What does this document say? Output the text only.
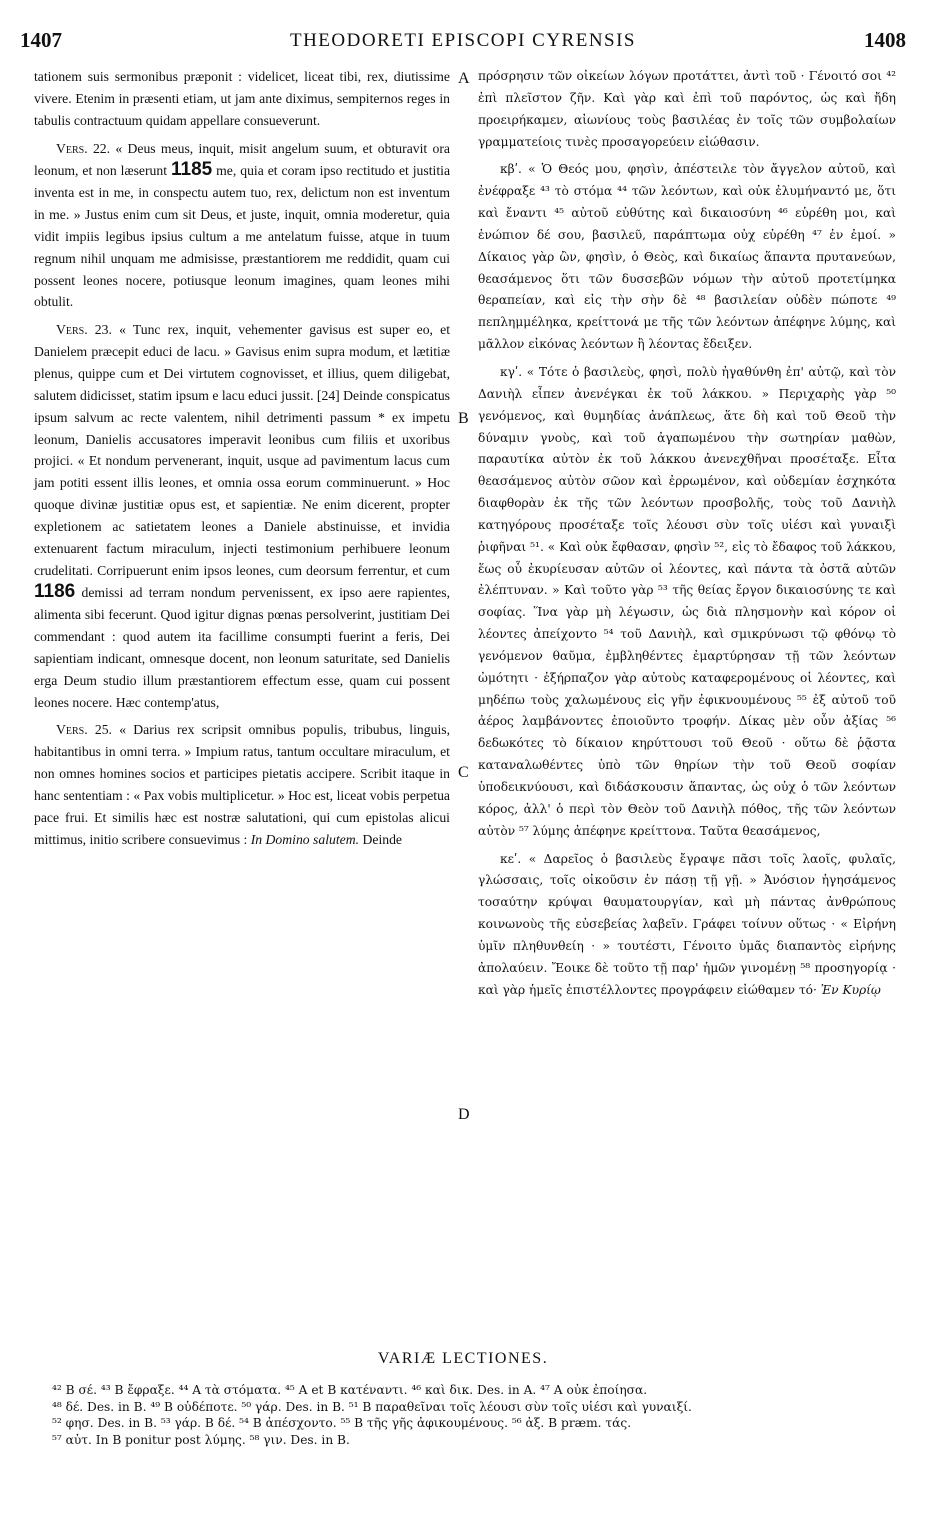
1407	THEODORETI EPISCOPI CYRENSIS	1408

tationem suis sermonibus præponit : videlicet, liceat tibi, rex, diutissime vivere. Etenim in præsenti etiam, ut jam ante diximus, sempiternos reges in tabulis contractuum quidam appellare consueverunt.

Vers. 22. « Deus meus, inquit, misit angelum suum, et obturavit ora leonum, et non læserunt 1185 me, quia et coram ipso rectitudo et justitia inventa est in me, in conspectu autem tuo, rex, delictum non est inventum in me. » Justus enim cum sit Deus, et juste, inquit, omnia moderetur, quia vidit impiis legibus ipsius cultum a me antelatum fuisse, atque in tuum regnum nihil unquam me admisisse, præstantiorem me reddidit, quam cui possent leones nocere, potiusque leonum imagines, quam leones mihi obtulit.

Vers. 23. « Tunc rex, inquit, vehementer gavisus est super eo, et Danielem præcepit educi de lacu. » Gavisus enim supra modum, et lætitiæ plenus, quippe cum et Dei virtutem cognovisset, et illius, quem diligebat, salutem didicisset, statim ipsum e lacu educi jussit. [24] Deinde conspicatus ipsum salvum ac recte valentem, nihil detrimenti passum * ex impetu leonum, Danielis accusatores imperavit leonibus cum filiis et uxoribus projici. « Et nondum pervenerant, inquit, usque ad pavimentum lacus cum jam potiti essent illis leones, et omnia ossa eorum comminuerunt. » Hoc quoque divinæ justitiæ opus est, et sapientiæ. Ne enim dicerent, propter expletionem ac satietatem leones a Daniele abstinuisse, et invidia extenuarent factum miraculum, injecti testimonium perhibuere leonum crudelitati. Corripuerunt enim ipsos leones, cum deorsum ferrentur, et cum 1186 demissi ad terram nondum pervenissent, ex ipso aere rapientes, alimenta sibi fecerunt. Quod igitur dignas pœnas persolverint, justitiam Dei commendant : quod autem ita facillime consumpti fuerint a feris, Dei sapientiam indicant, omnesque docent, non leonum saturitate, sed Danielis erga Deum studio illum præstantiorem effectum esse, quam cui possent leones nocere. Hæc contemp'atus,

Vers. 25. « Darius rex scripsit omnibus populis, tribubus, linguis, habitantibus in omni terra. » Impium ratus, tantum occultare miraculum, et non omnes homines socios et participes pietatis accipere. Scribit itaque in hanc sententiam : « Pax vobis multiplicetur. » Hoc est, liceat vobis perpetua pace frui. Et similis hæc est nostræ salutationi, qui cum epistolas alicui mittimus, initio scribere consuevimus : In Domino salutem. Deinde

A
B
C
D

πρόσρησιν τῶν οἰκείων λόγων προτάττει, ἀντὶ τοῦ · Γένοιτό σοι ⁴² ἐπὶ πλεῖστον ζῆν. Καὶ γὰρ καὶ ἐπὶ τοῦ παρόντος, ὡς καὶ ἤδη προειρήκαμεν, αἰωνίους τοὺς βασιλέας ἐν τοῖς τῶν συμβολαίων γραμματείοις τινὲς προσαγορεύειν εἰώθασιν.

κβʹ. « Ὁ Θεός μου, φησὶν, ἀπέστειλε τὸν ἄγγελον αὐτοῦ, καὶ ἐνέφραξε ⁴³ τὸ στόμα ⁴⁴ τῶν λεόντων, καὶ οὐκ ἐλυμήναντό με, ὅτι καὶ ἔναντι ⁴⁵ αὐτοῦ εὐθύτης καὶ δικαιοσύνη ⁴⁶ εὑρέθη μοι, καὶ ἐνώπιον δέ σου, βασιλεῦ, παράπτωμα οὐχ εὑρέθη ⁴⁷ ἐν ἐμοί. » Δίκαιος γὰρ ὢν, φησὶν, ὁ Θεὸς, καὶ δικαίως ἅπαντα πρυτανεύων, θεασάμενος ὅτι τῶν δυσσεβῶν νόμων τὴν αὐτοῦ προτετίμηκα θεραπείαν, καὶ εἰς τὴν σὴν δὲ ⁴⁸ βασιλείαν οὐδὲν πώποτε ⁴⁹ πεπλημμέληκα, κρείττονά με τῆς τῶν λεόντων ἀπέφηνε λύμης, καὶ μᾶλλον εἰκόνας λεόντων ἢ λέοντας ἔδειξεν.

κγʹ. « Τότε ὁ βασιλεὺς, φησὶ, πολὺ ἠγαθύνθη ἐπ' αὐτῷ, καὶ τὸν Δανιὴλ εἶπεν ἀνενέγκαι ἐκ τοῦ λάκκου. » Περιχαρὴς γὰρ ⁵⁰ γενόμενος, καὶ θυμηδίας ἀνάπλεως, ἅτε δὴ καὶ τοῦ Θεοῦ τὴν δύναμιν γνοὺς, καὶ τοῦ ἀγαπωμένου τὴν σωτηρίαν μαθὼν, παραυτίκα αὐτὸν ἐκ τοῦ λάκκου ἀνενεχθῆναι προσέταξε. Εἶτα θεασάμενος αὐτὸν σῶον καὶ ἐρρωμένον, καὶ οὐδεμίαν ἐσχηκότα διαφθορὰν ἐκ τῆς τῶν λεόντων προσβολῆς, τοὺς τοῦ Δανιὴλ κατηγόρους προσέταξε τοῖς λέουσι σὺν τοῖς υἱέσι καὶ γυναιξὶ ῥιφῆναι ⁵¹. « Καὶ οὐκ ἔφθασαν, φησὶν ⁵², εἰς τὸ ἔδαφος τοῦ λάκκου, ἕως οὗ ἐκυρίευσαν αὐτῶν οἱ λέοντες, καὶ πάντα τὰ ὀστᾶ αὐτῶν ἐλέπτυναν. » Καὶ τοῦτο γὰρ ⁵³ τῆς θείας ἔργον δικαιοσύνης τε καὶ σοφίας. Ἵνα γὰρ μὴ λέγωσιν, ὡς διὰ πλησμονὴν καὶ κόρον οἱ λέοντες ἀπείχοντο ⁵⁴ τοῦ Δανιὴλ, καὶ σμικρύνωσι τῷ φθόνῳ τὸ γενόμενον θαῦμα, ἐμβληθέντες ἐμαρτύρησαν τῇ τῶν λεόντων ὠμότητι · ἐξήρπαζον γὰρ αὐτοὺς καταφερομένους οἱ λέοντες, καὶ μηδέπω τοὺς χαλωμένους εἰς γῆν ἐφικνουμένους ⁵⁵ ἐξ αὐτοῦ τοῦ ἀέρος λαμβάνοντες ἐποιοῦντο τροφήν. Δίκας μὲν οὖν ἀξίας ⁵⁶ δεδωκότες τὸ δίκαιον κηρύττουσι τοῦ Θεοῦ · οὕτω δὲ ῥᾷστα καταναλωθέντες ὑπὸ τῶν θηρίων τὴν τοῦ Θεοῦ σοφίαν ὑποδεικνύουσι, καὶ διδάσκουσιν ἅπαντας, ὡς οὐχ ὁ τῶν λεόντων κόρος, ἀλλ' ὁ περὶ τὸν Θεὸν τοῦ Δανιὴλ πόθος, τῆς τῶν λεόντων αὐτὸν ⁵⁷ λύμης ἀπέφηνε κρείττονα. Ταῦτα θεασάμενος,

κεʹ. « Δαρεῖος ὁ βασιλεὺς ἔγραψε πᾶσι τοῖς λαοῖς, φυλαῖς, γλώσσαις, τοῖς οἰκοῦσιν ἐν πάσῃ τῇ γῇ. » Ἀνόσιον ἡγησάμενος τοσαύτην κρύψαι θαυματουργίαν, καὶ μὴ πάντας ἀνθρώπους κοινωνοὺς τῆς εὐσεβείας λαβεῖν. Γράφει τοίνυν οὕτως · « Εἰρήνη ὑμῖν πληθυνθείη · » τουτέστι, Γένοιτο ὑμᾶς διαπαντὸς εἰρήνης ἀπολαύειν. Ἔοικε δὲ τοῦτο τῇ παρ' ἡμῶν γινομένῃ ⁵⁸ προσηγορίᾳ · καὶ γὰρ ἡμεῖς ἐπιστέλλοντες προγράφειν εἰώθαμεν τό· Ἐν Κυρίῳ

VARIÆ LECTIONES.
⁴² B σέ. ⁴³ B ἔφραξε. ⁴⁴ A τὰ στόματα. ⁴⁵ A et B κατέναντι. ⁴⁶ καὶ δικ. Des. in A. ⁴⁷ A οὐκ ἐποίησα.
⁴⁸ δέ. Des. in B. ⁴⁹ B οὐδέποτε. ⁵⁰ γάρ. Des. in B. ⁵¹ B παραθεῖναι τοῖς λέουσι σὺν τοῖς υἱέσι καὶ γυναιξί.
⁵² φησ. Des. in B. ⁵³ γάρ. B δέ. ⁵⁴ B ἀπέσχοντο. ⁵⁵ B τῆς γῆς ἀφικουμένους. ⁵⁶ ἀξ. B præm. τάς.
⁵⁷ αὐτ. In B ponitur post λύμης. ⁵⁸ γιν. Des. in B.
